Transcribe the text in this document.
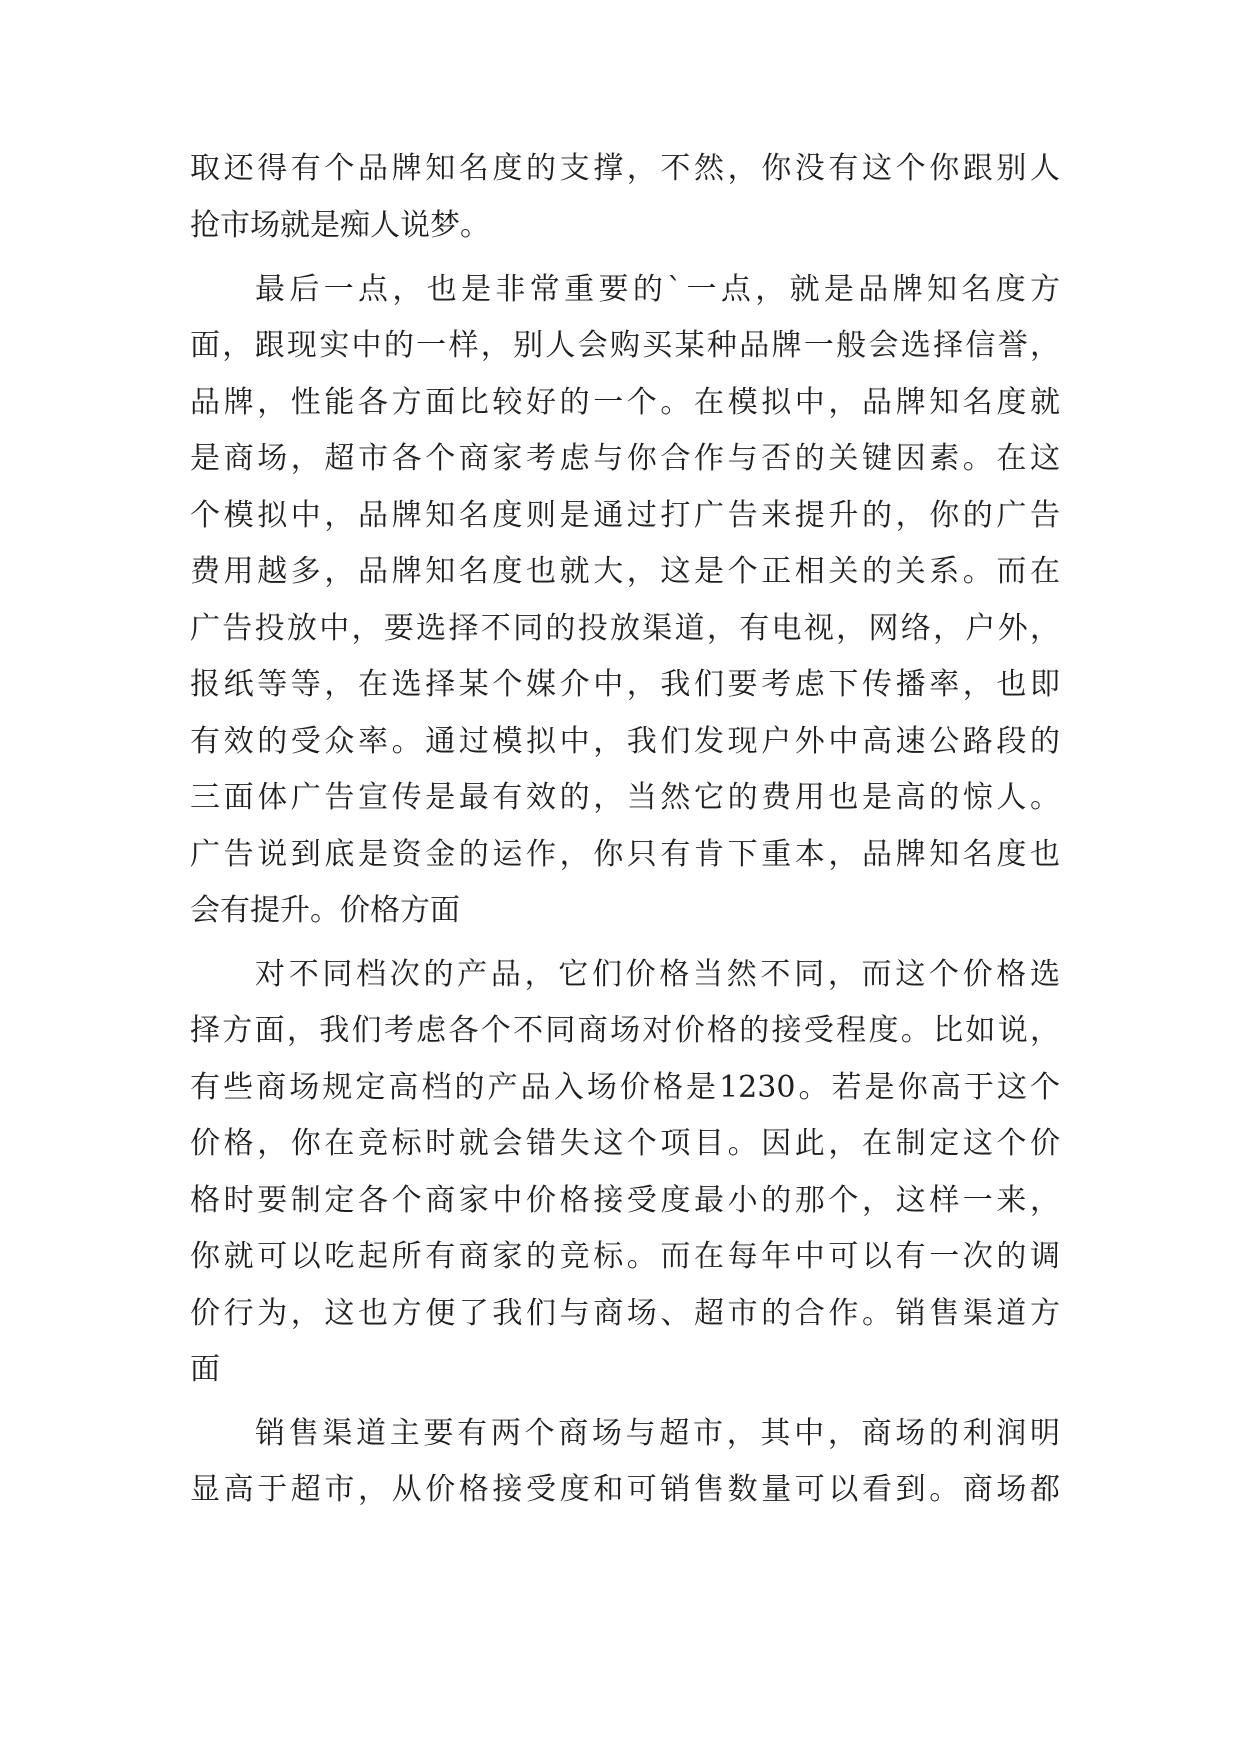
取还得有个品牌知名度的支撑，不然，你没有这个你跟别人

抢市场就是痴人说梦。

最后一点，也是非常重要的`一点，就是品牌知名度方

面，跟现实中的一样，别人会购买某种品牌一般会选择信誉，

品牌，性能各方面比较好的一个。在模拟中，品牌知名度就

是商场，超市各个商家考虑与你合作与否的关键因素。在这

个模拟中，品牌知名度则是通过打广告来提升的，你的广告

费用越多，品牌知名度也就大，这是个正相关的关系。而在

广告投放中，要选择不同的投放渠道，有电视，网络，户外，

报纸等等，在选择某个媒介中，我们要考虑下传播率，也即

有效的受众率。通过模拟中，我们发现户外中高速公路段的

三面体广告宣传是最有效的，当然它的费用也是高的惊人。

广告说到底是资金的运作，你只有肯下重本，品牌知名度也

会有提升。价格方面

对不同档次的产品，它们价格当然不同，而这个价格选

择方面，我们考虑各个不同商场对价格的接受程度。比如说，

有些商场规定高档的产品入场价格是1230。若是你高于这个

价格，你在竞标时就会错失这个项目。因此，在制定这个价

格时要制定各个商家中价格接受度最小的那个，这样一来，

你就可以吃起所有商家的竞标。而在每年中可以有一次的调

价行为，这也方便了我们与商场、超市的合作。销售渠道方

面

销售渠道主要有两个商场与超市，其中，商场的利润明

显高于超市，从价格接受度和可销售数量可以看到。商场都
